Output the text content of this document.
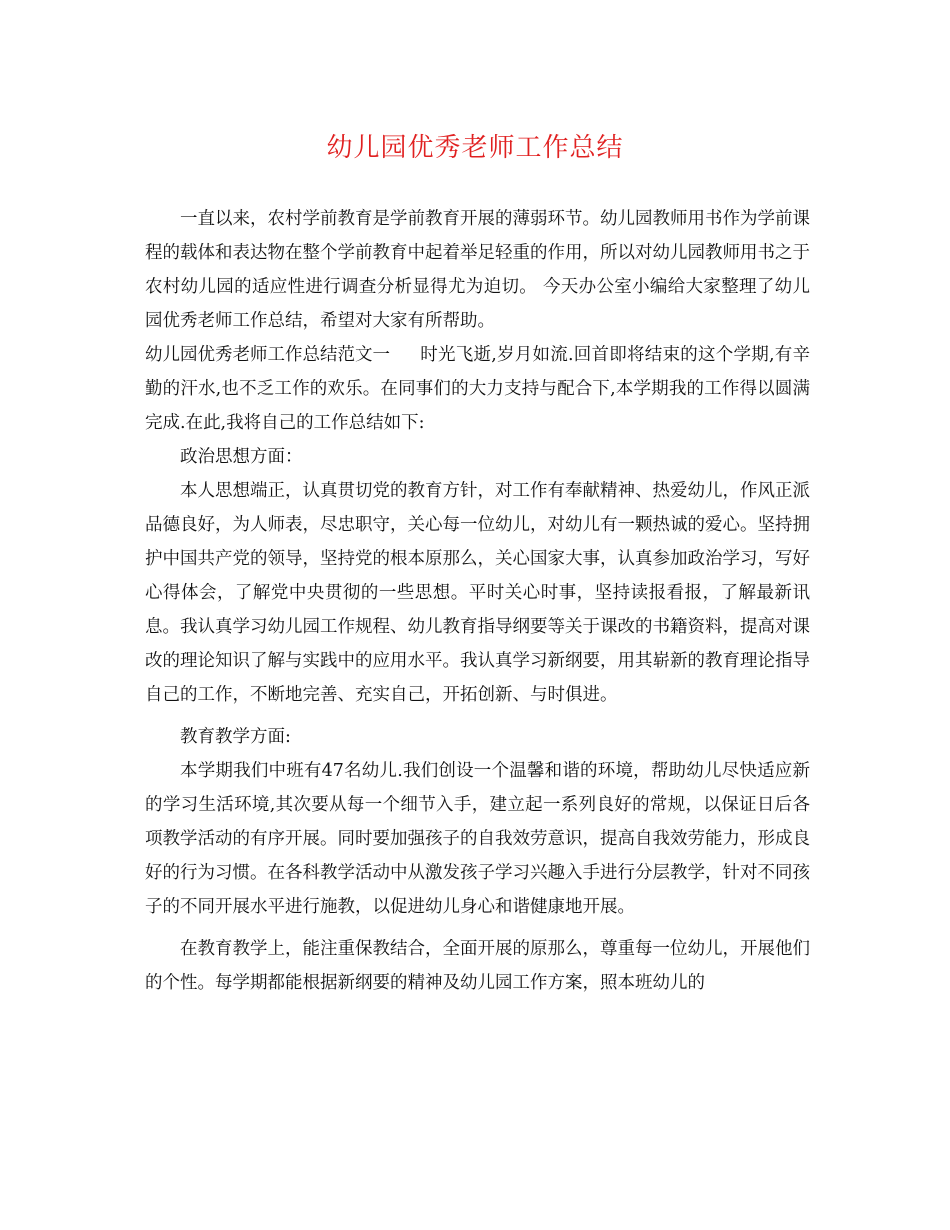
幼儿园优秀老师工作总结

一直以来，农村学前教育是学前教育开展的薄弱环节。幼儿园教师用书作为学前课程的载体和表达物在整个学前教育中起着举足轻重的作用，所以对幼儿园教师用书之于农村幼儿园的适应性进行调查分析显得尤为迫切。 今天办公室小编给大家整理了幼儿园优秀老师工作总结，希望对大家有所帮助。

幼儿园优秀老师工作总结范文一 时光飞逝,岁月如流.回首即将结束的这个学期,有辛勤的汗水,也不乏工作的欢乐。在同事们的大力支持与配合下,本学期我的工作得以圆满完成.在此,我将自己的工作总结如下:

政治思想方面：

本人思想端正，认真贯切党的教育方针，对工作有奉献精神、热爱幼儿，作风正派品德良好，为人师表，尽忠职守，关心每一位幼儿，对幼儿有一颗热诚的爱心。坚持拥护中国共产党的领导，坚持党的根本原那么，关心国家大事，认真参加政治学习，写好心得体会，了解党中央贯彻的一些思想。平时关心时事，坚持读报看报，了解最新讯息。我认真学习幼儿园工作规程、幼儿教育指导纲要等关于课改的书籍资料，提高对课改的理论知识了解与实践中的应用水平。我认真学习新纲要，用其崭新的教育理论指导自己的工作，不断地完善、充实自己，开拓创新、与时俱进。

教育教学方面:

本学期我们中班有47名幼儿.我们创设一个温馨和谐的环境，帮助幼儿尽快适应新的学习生活环境,其次要从每一个细节入手，建立起一系列良好的常规，以保证日后各项教学活动的有序开展。同时要加强孩子的自我效劳意识，提高自我效劳能力，形成良好的行为习惯。在各科教学活动中从激发孩子学习兴趣入手进行分层教学，针对不同孩子的不同开展水平进行施教，以促进幼儿身心和谐健康地开展。

在教育教学上，能注重保教结合，全面开展的原那么，尊重每一位幼儿，开展他们的个性。每学期都能根据新纲要的精神及幼儿园工作方案，照本班幼儿的
